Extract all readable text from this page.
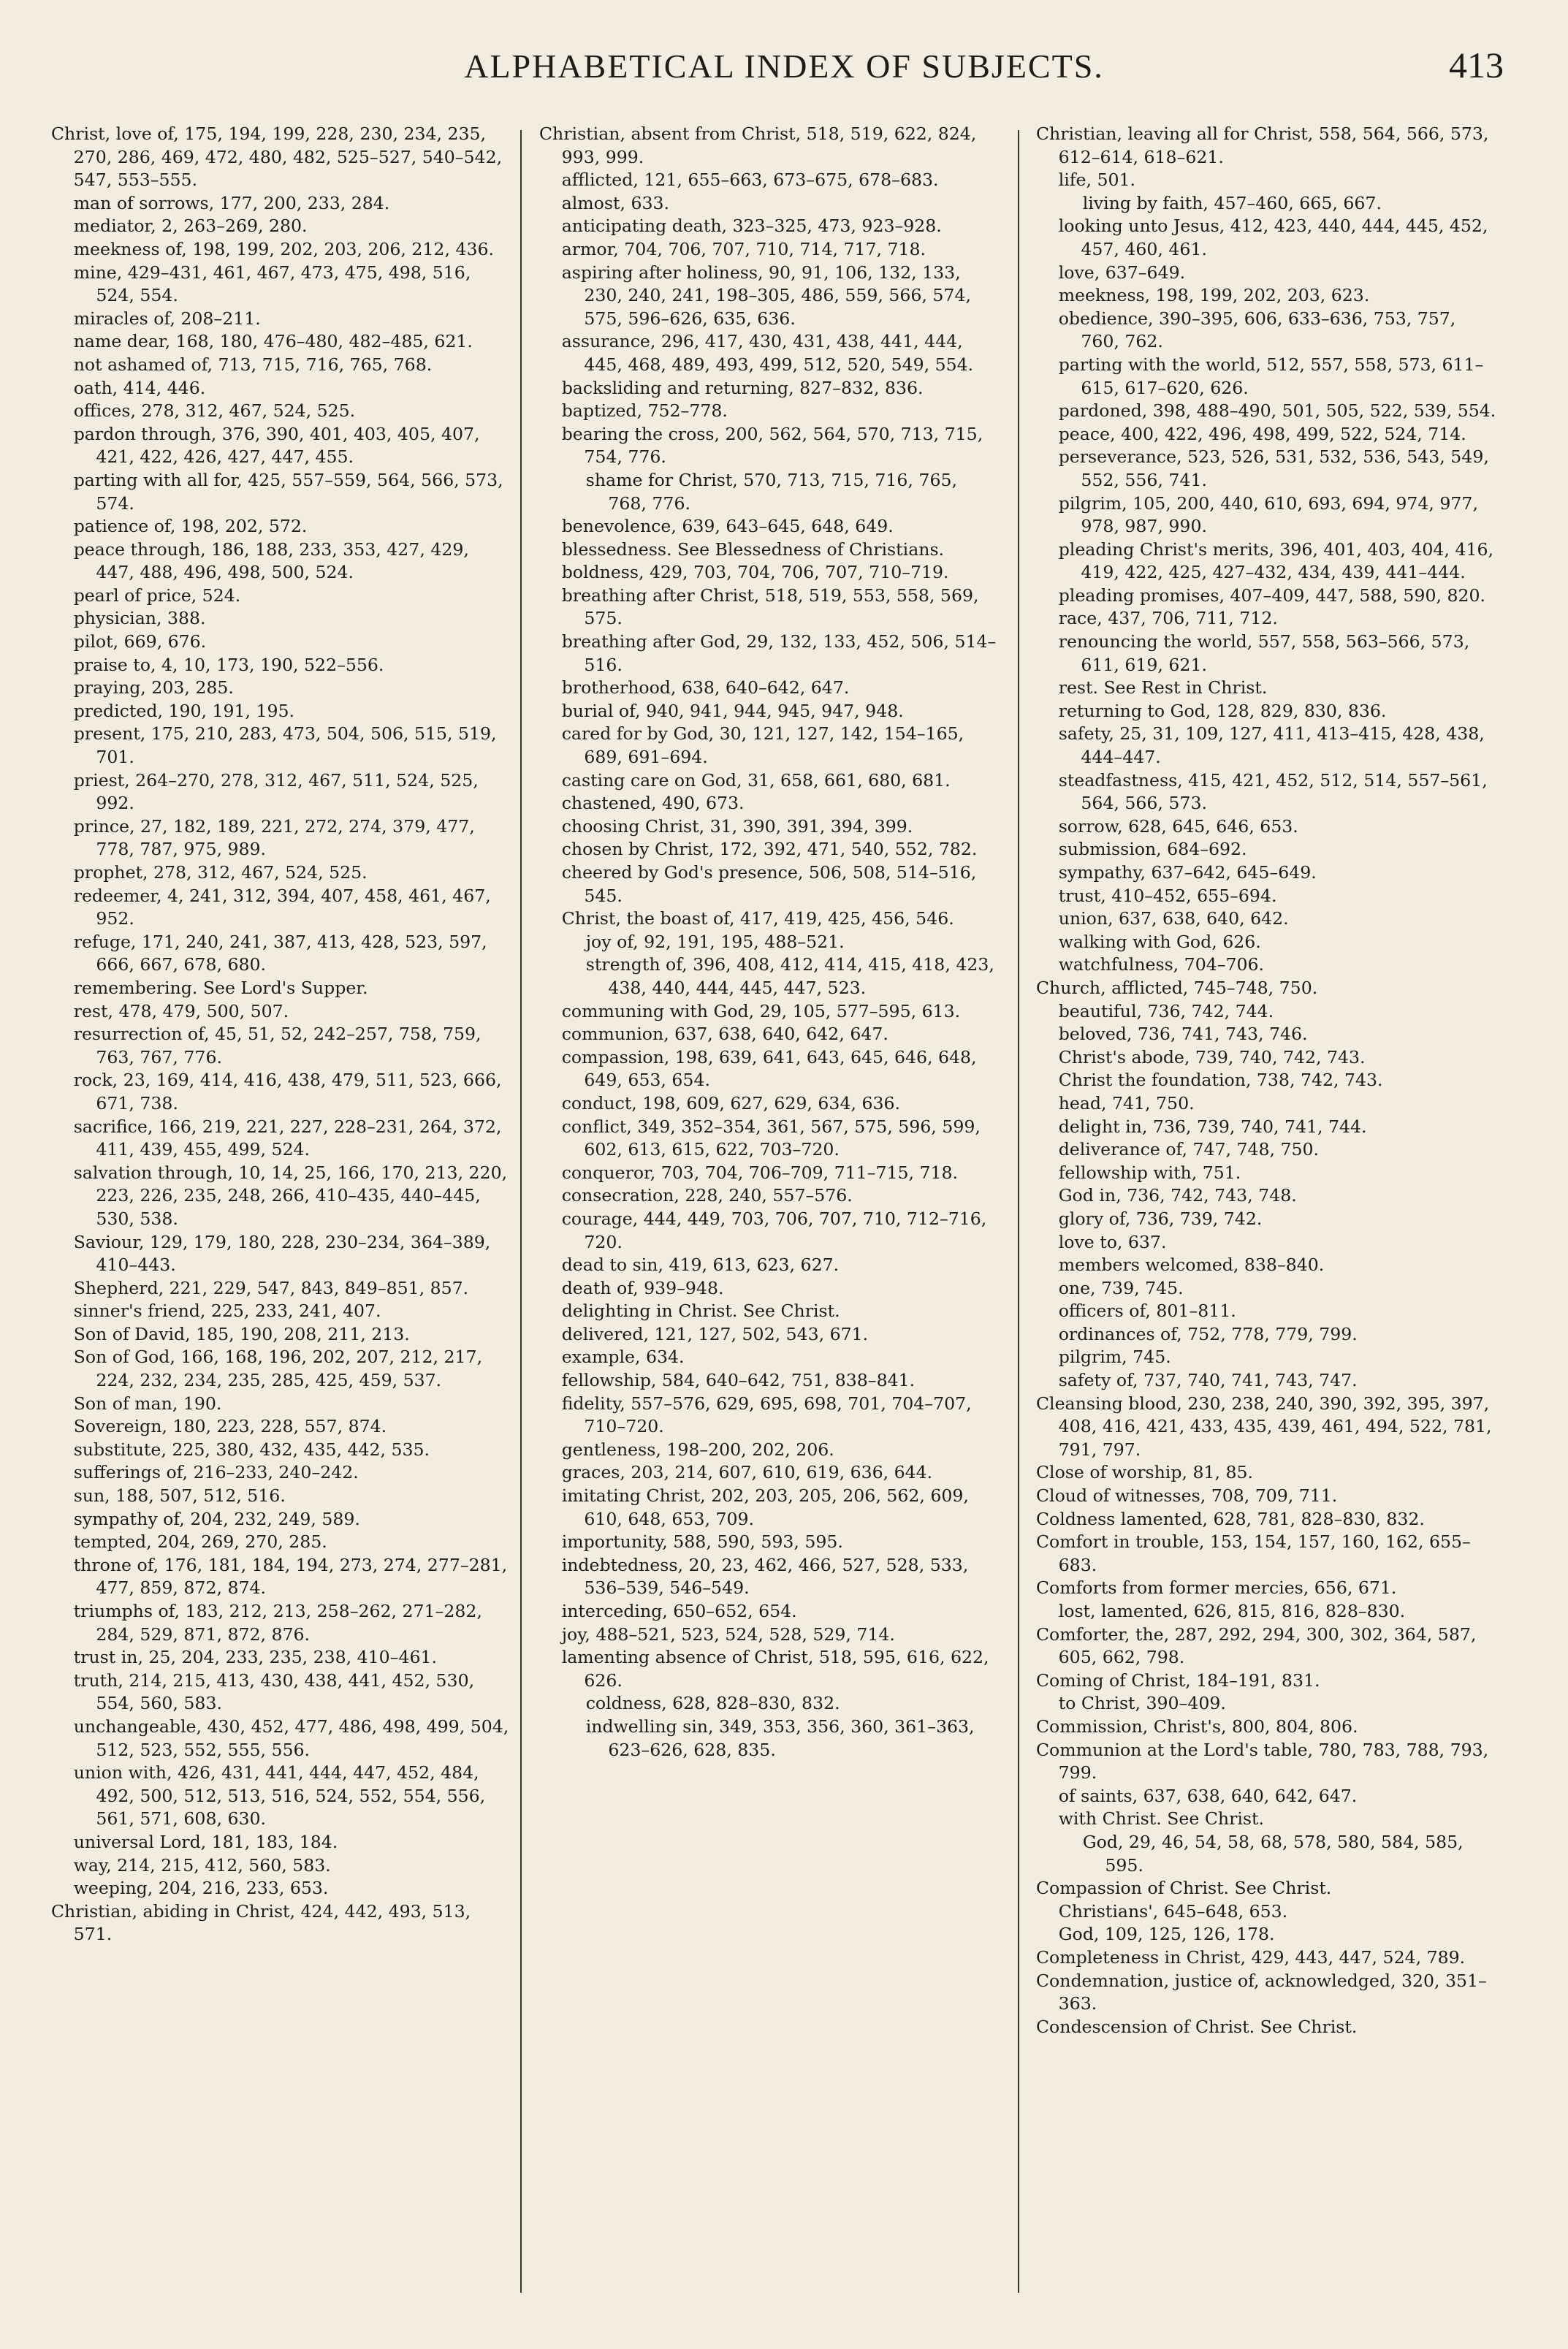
ALPHABETICAL INDEX OF SUBJECTS.	413

Christ, love of, 175, 194, 199, 228, 230, 234, 235, 270, 286, 469, 472, 480, 482, 525–527, 540–542, 547, 553–555.

man of sorrows, 177, 200, 233, 284.

mediator, 2, 263–269, 280.

meekness of, 198, 199, 202, 203, 206, 212, 436.

mine, 429–431, 461, 467, 473, 475, 498, 516, 524, 554.

miracles of, 208–211.

name dear, 168, 180, 476–480, 482–485, 621.

not ashamed of, 713, 715, 716, 765, 768.

oath, 414, 446.

offices, 278, 312, 467, 524, 525.

pardon through, 376, 390, 401, 403, 405, 407, 421, 422, 426, 427, 447, 455.

parting with all for, 425, 557–559, 564, 566, 573, 574.

patience of, 198, 202, 572.

peace through, 186, 188, 233, 353, 427, 429, 447, 488, 496, 498, 500, 524.

pearl of price, 524.

physician, 388.

pilot, 669, 676.

praise to, 4, 10, 173, 190, 522–556.

praying, 203, 285.

predicted, 190, 191, 195.

present, 175, 210, 283, 473, 504, 506, 515, 519, 701.

priest, 264–270, 278, 312, 467, 511, 524, 525, 992.

prince, 27, 182, 189, 221, 272, 274, 379, 477, 778, 787, 975, 989.

prophet, 278, 312, 467, 524, 525.

redeemer, 4, 241, 312, 394, 407, 458, 461, 467, 952.

refuge, 171, 240, 241, 387, 413, 428, 523, 597, 666, 667, 678, 680.

remembering. See Lord's Supper.

rest, 478, 479, 500, 507.

resurrection of, 45, 51, 52, 242–257, 758, 759, 763, 767, 776.

rock, 23, 169, 414, 416, 438, 479, 511, 523, 666, 671, 738.

sacrifice, 166, 219, 221, 227, 228–231, 264, 372, 411, 439, 455, 499, 524.

salvation through, 10, 14, 25, 166, 170, 213, 220, 223, 226, 235, 248, 266, 410–435, 440–445, 530, 538.

Saviour, 129, 179, 180, 228, 230–234, 364–389, 410–443.

Shepherd, 221, 229, 547, 843, 849–851, 857.

sinner's friend, 225, 233, 241, 407.

Son of David, 185, 190, 208, 211, 213.

Son of God, 166, 168, 196, 202, 207, 212, 217, 224, 232, 234, 235, 285, 425, 459, 537.

Son of man, 190.

Sovereign, 180, 223, 228, 557, 874.

substitute, 225, 380, 432, 435, 442, 535.

sufferings of, 216–233, 240–242.

sun, 188, 507, 512, 516.

sympathy of, 204, 232, 249, 589.

tempted, 204, 269, 270, 285.

throne of, 176, 181, 184, 194, 273, 274, 277–281, 477, 859, 872, 874.

triumphs of, 183, 212, 213, 258–262, 271–282, 284, 529, 871, 872, 876.

trust in, 25, 204, 233, 235, 238, 410–461.

truth, 214, 215, 413, 430, 438, 441, 452, 530, 554, 560, 583.

unchangeable, 430, 452, 477, 486, 498, 499, 504, 512, 523, 552, 555, 556.

union with, 426, 431, 441, 444, 447, 452, 484, 492, 500, 512, 513, 516, 524, 552, 554, 556, 561, 571, 608, 630.

universal Lord, 181, 183, 184.

way, 214, 215, 412, 560, 583.

weeping, 204, 216, 233, 653.

Christian, abiding in Christ, 424, 442, 493, 513, 571.

Christian, absent from Christ, 518, 519, 622, 824, 993, 999.

afflicted, 121, 655–663, 673–675, 678–683.

almost, 633.

anticipating death, 323–325, 473, 923–928.

armor, 704, 706, 707, 710, 714, 717, 718.

aspiring after holiness, 90, 91, 106, 132, 133, 230, 240, 241, 198–305, 486, 559, 566, 574, 575, 596–626, 635, 636.

assurance, 296, 417, 430, 431, 438, 441, 444, 445, 468, 489, 493, 499, 512, 520, 549, 554.

backsliding and returning, 827–832, 836.

baptized, 752–778.

bearing the cross, 200, 562, 564, 570, 713, 715, 754, 776.

shame for Christ, 570, 713, 715, 716, 765, 768, 776.

benevolence, 639, 643–645, 648, 649.

blessedness. See Blessedness of Christians.

boldness, 429, 703, 704, 706, 707, 710–719.

breathing after Christ, 518, 519, 553, 558, 569, 575.

breathing after God, 29, 132, 133, 452, 506, 514–516.

brotherhood, 638, 640–642, 647.

burial of, 940, 941, 944, 945, 947, 948.

cared for by God, 30, 121, 127, 142, 154–165, 689, 691–694.

casting care on God, 31, 658, 661, 680, 681.

chastened, 490, 673.

choosing Christ, 31, 390, 391, 394, 399.

chosen by Christ, 172, 392, 471, 540, 552, 782.

cheered by God's presence, 506, 508, 514–516, 545.

Christ, the boast of, 417, 419, 425, 456, 546.

joy of, 92, 191, 195, 488–521.

strength of, 396, 408, 412, 414, 415, 418, 423, 438, 440, 444, 445, 447, 523.

communing with God, 29, 105, 577–595, 613.

communion, 637, 638, 640, 642, 647.

compassion, 198, 639, 641, 643, 645, 646, 648, 649, 653, 654.

conduct, 198, 609, 627, 629, 634, 636.

conflict, 349, 352–354, 361, 567, 575, 596, 599, 602, 613, 615, 622, 703–720.

conqueror, 703, 704, 706–709, 711–715, 718.

consecration, 228, 240, 557–576.

courage, 444, 449, 703, 706, 707, 710, 712–716, 720.

dead to sin, 419, 613, 623, 627.

death of, 939–948.

delighting in Christ. See Christ.

delivered, 121, 127, 502, 543, 671.

example, 634.

fellowship, 584, 640–642, 751, 838–841.

fidelity, 557–576, 629, 695, 698, 701, 704–707, 710–720.

gentleness, 198–200, 202, 206.

graces, 203, 214, 607, 610, 619, 636, 644.

imitating Christ, 202, 203, 205, 206, 562, 609, 610, 648, 653, 709.

importunity, 588, 590, 593, 595.

indebtedness, 20, 23, 462, 466, 527, 528, 533, 536–539, 546–549.

interceding, 650–652, 654.

joy, 488–521, 523, 524, 528, 529, 714.

lamenting absence of Christ, 518, 595, 616, 622, 626.

coldness, 628, 828–830, 832.

indwelling sin, 349, 353, 356, 360, 361–363, 623–626, 628, 835.

Christian, leaving all for Christ, 558, 564, 566, 573, 612–614, 618–621.

life, 501.

living by faith, 457–460, 665, 667.

looking unto Jesus, 412, 423, 440, 444, 445, 452, 457, 460, 461.

love, 637–649.

meekness, 198, 199, 202, 203, 623.

obedience, 390–395, 606, 633–636, 753, 757, 760, 762.

parting with the world, 512, 557, 558, 573, 611–615, 617–620, 626.

pardoned, 398, 488–490, 501, 505, 522, 539, 554.

peace, 400, 422, 496, 498, 499, 522, 524, 714.

perseverance, 523, 526, 531, 532, 536, 543, 549, 552, 556, 741.

pilgrim, 105, 200, 440, 610, 693, 694, 974, 977, 978, 987, 990.

pleading Christ's merits, 396, 401, 403, 404, 416, 419, 422, 425, 427–432, 434, 439, 441–444.

pleading promises, 407–409, 447, 588, 590, 820.

race, 437, 706, 711, 712.

renouncing the world, 557, 558, 563–566, 573, 611, 619, 621.

rest. See Rest in Christ.

returning to God, 128, 829, 830, 836.

safety, 25, 31, 109, 127, 411, 413–415, 428, 438, 444–447.

steadfastness, 415, 421, 452, 512, 514, 557–561, 564, 566, 573.

sorrow, 628, 645, 646, 653.

submission, 684–692.

sympathy, 637–642, 645–649.

trust, 410–452, 655–694.

union, 637, 638, 640, 642.

walking with God, 626.

watchfulness, 704–706.

Church, afflicted, 745–748, 750.

beautiful, 736, 742, 744.

beloved, 736, 741, 743, 746.

Christ's abode, 739, 740, 742, 743.

Christ the foundation, 738, 742, 743.

head, 741, 750.

delight in, 736, 739, 740, 741, 744.

deliverance of, 747, 748, 750.

fellowship with, 751.

God in, 736, 742, 743, 748.

glory of, 736, 739, 742.

love to, 637.

members welcomed, 838–840.

one, 739, 745.

officers of, 801–811.

ordinances of, 752, 778, 779, 799.

pilgrim, 745.

safety of, 737, 740, 741, 743, 747.

Cleansing blood, 230, 238, 240, 390, 392, 395, 397, 408, 416, 421, 433, 435, 439, 461, 494, 522, 781, 791, 797.

Close of worship, 81, 85.

Cloud of witnesses, 708, 709, 711.

Coldness lamented, 628, 781, 828–830, 832.

Comfort in trouble, 153, 154, 157, 160, 162, 655–683.

Comforts from former mercies, 656, 671.

lost, lamented, 626, 815, 816, 828–830.

Comforter, the, 287, 292, 294, 300, 302, 364, 587, 605, 662, 798.

Coming of Christ, 184–191, 831.

to Christ, 390–409.

Commission, Christ's, 800, 804, 806.

Communion at the Lord's table, 780, 783, 788, 793, 799.

of saints, 637, 638, 640, 642, 647.

with Christ. See Christ.

God, 29, 46, 54, 58, 68, 578, 580, 584, 585, 595.

Compassion of Christ. See Christ.

Christians', 645–648, 653.

God, 109, 125, 126, 178.

Completeness in Christ, 429, 443, 447, 524, 789.

Condemnation, justice of, acknowledged, 320, 351–363.

Condescension of Christ. See Christ.
